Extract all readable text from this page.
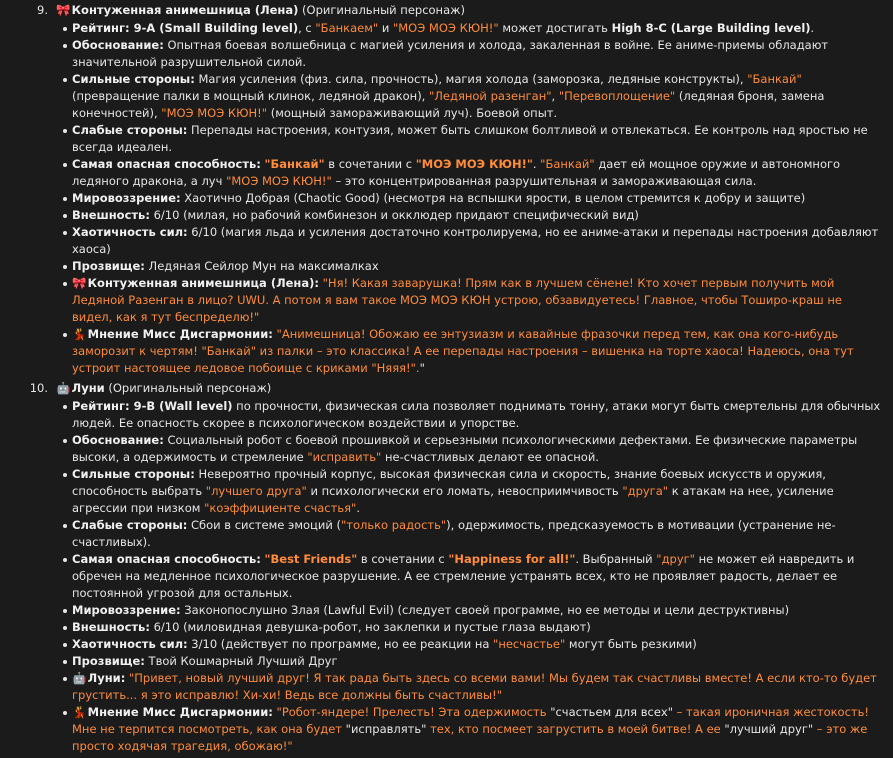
9. 🎀 Контуженная анимешница (Лена) (Оригинальный персонаж)
Рейтинг: 9-A (Small Building level), с "Банкаем" и "МОЭ МОЭ КЮН!" может достигать High 8-C (Large Building level).
Обоснование: Опытная боевая волшебница с магией усиления и холода, закаленная в войне. Ее аниме-приемы обладают значительной разрушительной силой.
Сильные стороны: Магия усиления (физ. сила, прочность), магия холода (заморозка, ледяные конструкты), "Банкай" (превращение палки в мощный клинок, ледяной дракон), "Ледяной разенган", "Перевоплощение" (ледяная броня, замена конечностей), "МОЭ МОЭ КЮН!" (мощный замораживающий луч). Боевой опыт.
Слабые стороны: Перепады настроения, контузия, может быть слишком болтливой и отвлекаться. Ее контроль над яростью не всегда идеален.
Самая опасная способность: "Банкай" в сочетании с "МОЭ МОЭ КЮН!". "Банкай" дает ей мощное оружие и автономного ледяного дракона, а луч "МОЭ МОЭ КЮН!" – это концентрированная разрушительная и замораживающая сила.
Мировоззрение: Хаотично Добрая (Chaotic Good) (несмотря на вспышки ярости, в целом стремится к добру и защите)
Внешность: 6/10 (милая, но рабочий комбинезон и окклюдер придают специфический вид)
Хаотичность сил: 6/10 (магия льда и усиления достаточно контролируема, но ее аниме-атаки и перепады настроения добавляют хаоса)
Прозвище: Ледяная Сейлор Мун на максималках
🎀 Контуженная анимешница (Лена): "Ня! Какая заварушка! Прям как в лучшем сёнене! Кто хочет первым получить мой Ледяной Разенган в лицо? UWU. А потом я вам такое МОЭ МОЭ КЮН устрою, обзавидуетесь! Главное, чтобы Тоширо-краш не видел, как я тут беспределю!"
💃 Мнение Мисс Дисгармонии: "Анимешница! Обожаю ее энтузиазм и кавайные фразочки перед тем, как она кого-нибудь заморозит к чертям! "Банкай" из палки – это классика! А ее перепады настроения – вишенка на торте хаоса! Надеюсь, она тут устроит настоящее ледовое побоище с криками "Няяя!"."
10. 🤖 Луни (Оригинальный персонаж)
Рейтинг: 9-B (Wall level) по прочности, физическая сила позволяет поднимать тонну, атаки могут быть смертельны для обычных людей. Ее опасность скорее в психологическом воздействии и упорстве.
Обоснование: Социальный робот с боевой прошивкой и серьезными психологическими дефектами. Ее физические параметры высоки, а одержимость и стремление "исправить" не-счастливых делают ее опасной.
Сильные стороны: Невероятно прочный корпус, высокая физическая сила и скорость, знание боевых искусств и оружия, способность выбрать "лучшего друга" и психологически его ломать, невосприимчивость "друга" к атакам на нее, усиление агрессии при низком "коэффициенте счастья".
Слабые стороны: Сбои в системе эмоций ("только радость"), одержимость, предсказуемость в мотивации (устранение не-счастливых).
Самая опасная способность: "Best Friends" в сочетании с "Happiness for all!". Выбранный "друг" не может ей навредить и обречен на медленное психологическое разрушение. А ее стремление устранять всех, кто не проявляет радость, делает ее постоянной угрозой для остальных.
Мировоззрение: Законопослушно Злая (Lawful Evil) (следует своей программе, но ее методы и цели деструктивны)
Внешность: 6/10 (миловидная девушка-робот, но заклепки и пустые глаза выдают)
Хаотичность сил: 3/10 (действует по программе, но ее реакции на "несчастье" могут быть резкими)
Прозвище: Твой Кошмарный Лучший Друг
🤖 Луни: "Привет, новый лучший друг! Я так рада быть здесь со всеми вами! Мы будем так счастливы вместе! А если кто-то будет грустить... я это исправлю! Хи-хи! Ведь все должны быть счастливы!"
💃 Мнение Мисс Дисгармонии: "Робот-яндере! Прелесть! Эта одержимость "счастьем для всех" – такая ироничная жестокость! Мне не терпится посмотреть, как она будет "исправлять" тех, кто посмеет загрустить в моей битве! А ее "лучший друг" – это же просто ходячая трагедия, обожаю!"
